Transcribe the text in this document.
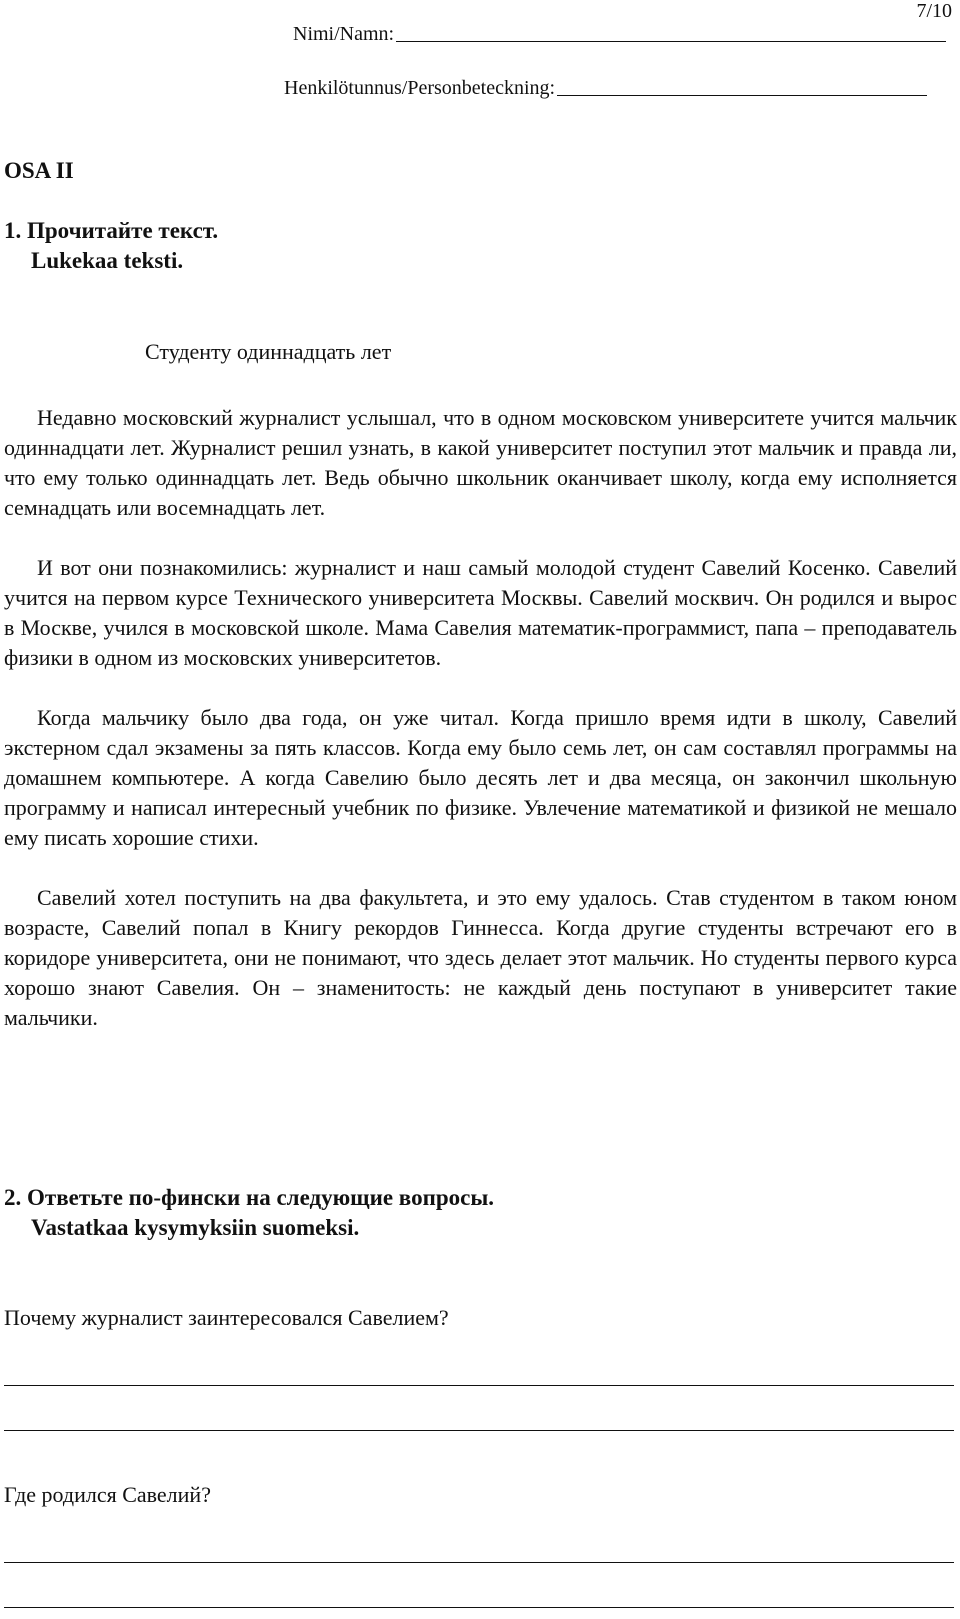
7/10
Nimi/Namn:
Henkilötunnus/Personbeteckning:
OSA II
1. Прочитайте текст.
Lukekaa teksti.
Студенту одиннадцать лет

Недавно московский журналист услышал, что в одном московском университете учится мальчик одиннадцати лет. Журналист решил узнать, в какой университет поступил этот мальчик и правда ли, что ему только одиннадцать лет. Ведь обычно школьник оканчивает школу, когда ему исполняется семнадцать или восемнадцать лет.

И вот они познакомились: журналист и наш самый молодой студент Савелий Косенко. Савелий учится на первом курсе Технического университета Москвы. Савелий москвич. Он родился и вырос в Москве, учился в московской школе. Мама Савелия математик-программист, папа – преподаватель физики в одном из московских университетов.

Когда мальчику было два года, он уже читал. Когда пришло время идти в школу, Савелий экстерном сдал экзамены за пять классов. Когда ему было семь лет, он сам составлял программы на домашнем компьютере. А когда Савелию было десять лет и два месяца, он закончил школьную программу и написал интересный учебник по физике. Увлечение математикой и физикой не мешало ему писать хорошие стихи.

Савелий хотел поступить на два факультета, и это ему удалось. Став студентом в таком юном возрасте, Савелий попал в Книгу рекордов Гиннесса. Когда другие студенты встречают его в коридоре университета, они не понимают, что здесь делает этот мальчик. Но студенты первого курса хорошо знают Савелия. Он – знаменитость: не каждый день поступают в университет такие мальчики.

2. Ответьте по-фински на следующие вопросы.
Vastatkaa kysymyksiin suomeksi.
Почему журналист заинтересовался Савелием?
Где родился Савелий?
